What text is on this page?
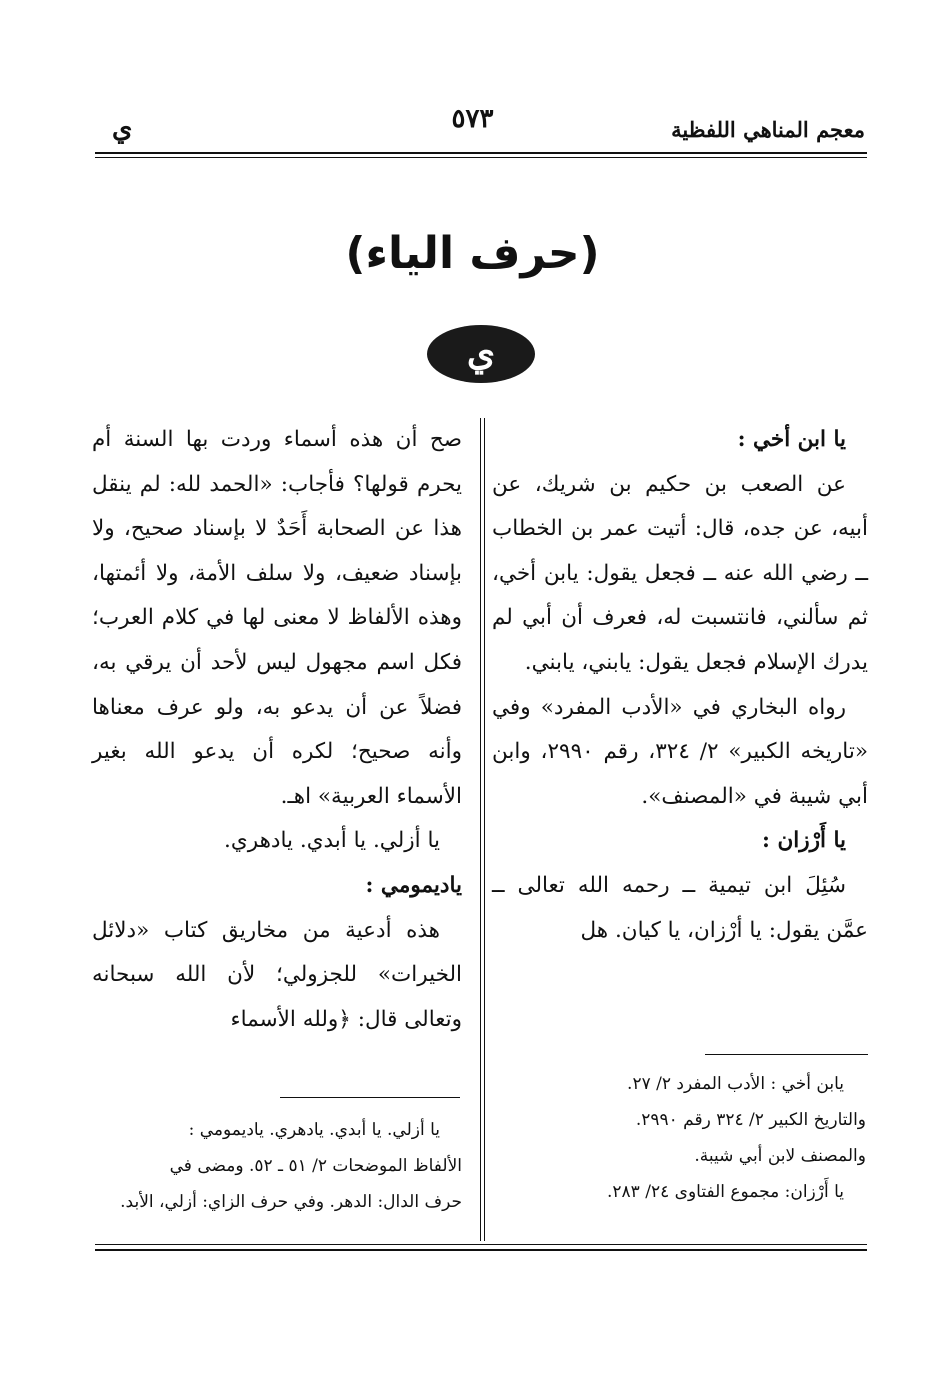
معجم المناهي اللفظية
٥٧٣
ي
(حرف الياء)
ي

يا ابن أخي :

عن الصعب بن حكيم بن شريك، عن أبيه، عن جده، قال: أتيت عمر بن الخطاب ــ رضي الله عنه ــ فجعل يقول: يابن أخي، ثم سألني، فانتسبت له، فعرف أن أبي لم يدرك الإسلام فجعل يقول: يابني، يابني.

رواه البخاري في «الأدب المفرد» وفي «تاريخه الكبير» ٢/ ٣٢٤، رقم ٢٩٩٠، وابن أبي شيبة في «المصنف».

يا أَرْزان :

سُئِلَ ابن تيمية ــ رحمه الله تعالى ــ عمَّن يقول: يا أرْزان، يا كيان. هل

صح أن هذه أسماء وردت بها السنة أم يحرم قولها؟ فأجاب: «الحمد لله: لم ينقل هذا عن الصحابة أَحَدٌ لا بإسناد صحيح، ولا بإسناد ضعيف، ولا سلف الأمة، ولا أئمتها، وهذه الألفاظ لا معنى لها في كلام العرب؛ فكل اسم مجهول ليس لأحد أن يرقي به، فضلاً عن أن يدعو به، ولو عرف معناها وأنه صحيح؛ لكره أن يدعو الله بغير الأسماء العربية» اهـ.

يا أزلي. يا أبدي. يادهري.

ياديمومي :

هذه أدعية من مخاريق كتاب «دلائل الخيرات» للجزولي؛ لأن الله سبحانه وتعالى قال: ﴿ولله الأسماء

يابن أخي : الأدب المفرد ٢/ ٢٧.

والتاريخ الكبير ٢/ ٣٢٤ رقم ٢٩٩٠.

والمصنف لابن أبي شيبة.

يا أَرْزان: مجموع الفتاوى ٢٤/ ٢٨٣.

يا أزلي. يا أبدي. يادهري. ياديمومي :

الألفاظ الموضحات ٢/ ٥١ ـ ٥٢. ومضى في

حرف الدال: الدهر. وفي حرف الزاي: أزلي، الأبد.
